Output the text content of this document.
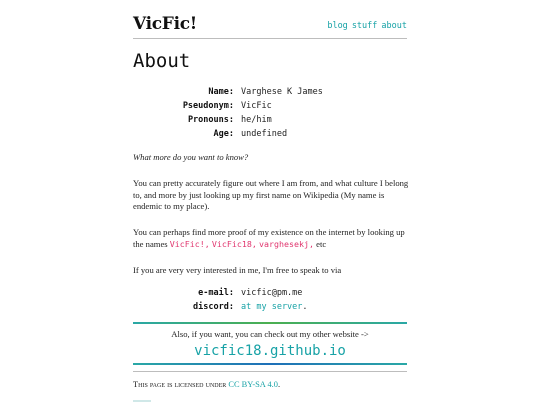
VicFic!	blog stuff about
About
Name: Varghese K James
Pseudonym: VicFic
Pronouns: he/him
Age: undefined
What more do you want to know?
You can pretty accurately figure out where I am from, and what culture I belong to, and more by just looking up my first name on Wikipedia (My name is endemic to my place).
You can perhaps find more proof of my existence on the internet by looking up the names VicFic!, VicFic18, varghesekj, etc
If you are very very interested in me, I'm free to speak to via
e-mail: vicfic@pm.me
discord: at my server.
Also, if you want, you can check out my other website ->
vicfic18.github.io
This page is licensed under CC BY-SA 4.0.
